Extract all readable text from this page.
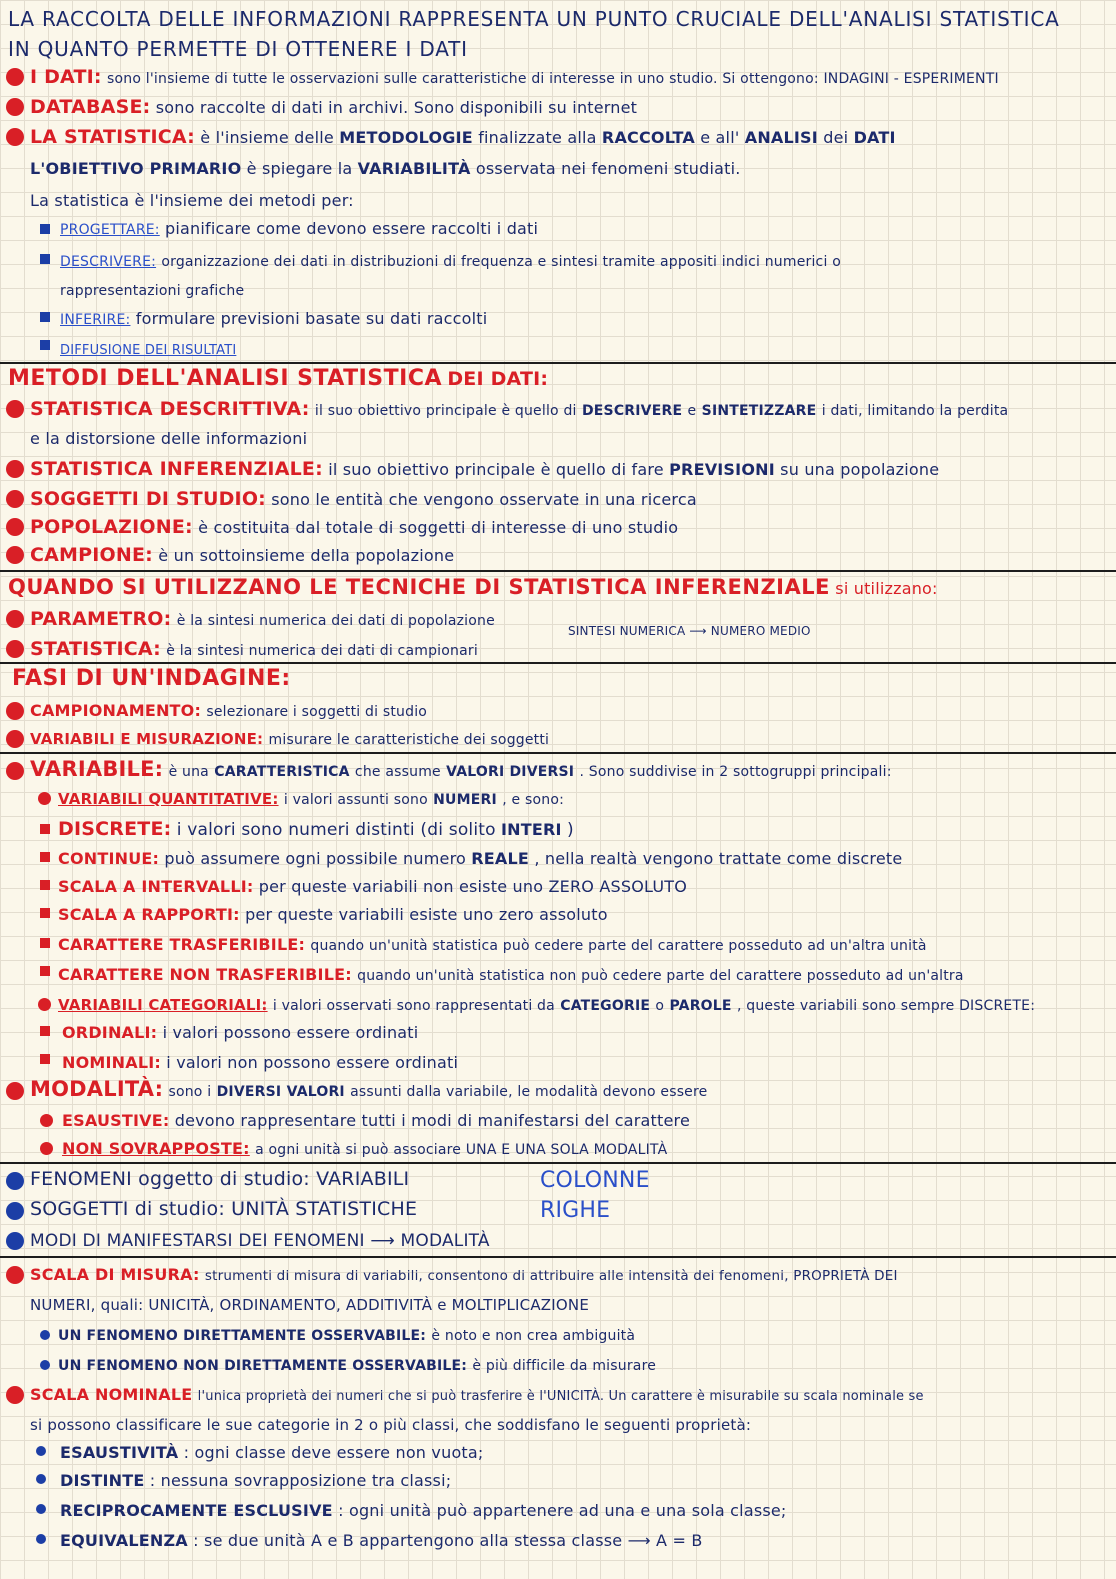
LA RACCOLTA DELLE INFORMAZIONI RAPPRESENTA UN PUNTO CRUCIALE DELL'ANALISI STATISTICA
IN QUANTO PERMETTE DI OTTENERE I DATI
I DATI: sono l'insieme di tutte le osservazioni sulle caratteristiche di interesse in uno studio. Si ottengono: INDAGINI - ESPERIMENTI
DATABASE: sono raccolte di dati in archivi. Sono disponibili su internet
LA STATISTICA: è l'insieme delle METODOLOGIE finalizzate alla RACCOLTA e all' ANALISI dei DATI
L'OBIETTIVO PRIMARIO è spiegare la VARIABILITÀ osservata nei fenomeni studiati.
La statistica è l'insieme dei metodi per:
PROGETTARE: pianificare come devono essere raccolti i dati
DESCRIVERE: organizzazione dei dati in distribuzioni di frequenza e sintesi tramite appositi indici numerici o
rappresentazioni grafiche
INFERIRE: formulare previsioni basate su dati raccolti
DIFFUSIONE DEI RISULTATI
METODI DELL'ANALISI STATISTICA DEI DATI:
STATISTICA DESCRITTIVA: il suo obiettivo principale è quello di DESCRIVERE e SINTETIZZARE i dati, limitando la perdita
e la distorsione delle informazioni
STATISTICA INFERENZIALE: il suo obiettivo principale è quello di fare PREVISIONI su una popolazione
SOGGETTI DI STUDIO: sono le entità che vengono osservate in una ricerca
POPOLAZIONE: è costituita dal totale di soggetti di interesse di uno studio
CAMPIONE: è un sottoinsieme della popolazione
QUANDO SI UTILIZZANO LE TECNICHE DI STATISTICA INFERENZIALE si utilizzano:
PARAMETRO: è la sintesi numerica dei dati di popolazione
SINTESI NUMERICA ⟶ NUMERO MEDIO
STATISTICA: è la sintesi numerica dei dati di campionari
FASI DI UN'INDAGINE:
CAMPIONAMENTO: selezionare i soggetti di studio
VARIABILI E MISURAZIONE: misurare le caratteristiche dei soggetti
VARIABILE: è una CARATTERISTICA che assume VALORI DIVERSI . Sono suddivise in 2 sottogruppi principali:
VARIABILI QUANTITATIVE: i valori assunti sono NUMERI , e sono:
DISCRETE: i valori sono numeri distinti (di solito INTERI )
CONTINUE: può assumere ogni possibile numero REALE , nella realtà vengono trattate come discrete
SCALA A INTERVALLI: per queste variabili non esiste uno ZERO ASSOLUTO
SCALA A RAPPORTI: per queste variabili esiste uno zero assoluto
CARATTERE TRASFERIBILE: quando un'unità statistica può cedere parte del carattere posseduto ad un'altra unità
CARATTERE NON TRASFERIBILE: quando un'unità statistica non può cedere parte del carattere posseduto ad un'altra
VARIABILI CATEGORIALI: i valori osservati sono rappresentati da CATEGORIE o PAROLE , queste variabili sono sempre DISCRETE:
ORDINALI: i valori possono essere ordinati
NOMINALI: i valori non possono essere ordinati
MODALITÀ: sono i DIVERSI VALORI assunti dalla variabile, le modalità devono essere
ESAUSTIVE: devono rappresentare tutti i modi di manifestarsi del carattere
NON SOVRAPPOSTE: a ogni unità si può associare UNA E UNA SOLA MODALITÀ
FENOMENI oggetto di studio: VARIABILI	COLONNE
SOGGETTI di studio: UNITÀ STATISTICHE	RIGHE
MODI DI MANIFESTARSI DEI FENOMENI ⟶ MODALITÀ
SCALA DI MISURA: strumenti di misura di variabili, consentono di attribuire alle intensità dei fenomeni, PROPRIETÀ DEI
NUMERI, quali: UNICITÀ, ORDINAMENTO, ADDITIVITÀ e MOLTIPLICAZIONE
UN FENOMENO DIRETTAMENTE OSSERVABILE: è noto e non crea ambiguità
UN FENOMENO NON DIRETTAMENTE OSSERVABILE: è più difficile da misurare
SCALA NOMINALE l'unica proprietà dei numeri che si può trasferire è l'UNICITÀ. Un carattere è misurabile su scala nominale se
si possono classificare le sue categorie in 2 o più classi, che soddisfano le seguenti proprietà:
ESAUSTIVITÀ : ogni classe deve essere non vuota;
DISTINTE : nessuna sovrapposizione tra classi;
RECIPROCAMENTE ESCLUSIVE : ogni unità può appartenere ad una e una sola classe;
EQUIVALENZA : se due unità A e B appartengono alla stessa classe ⟶ A = B
